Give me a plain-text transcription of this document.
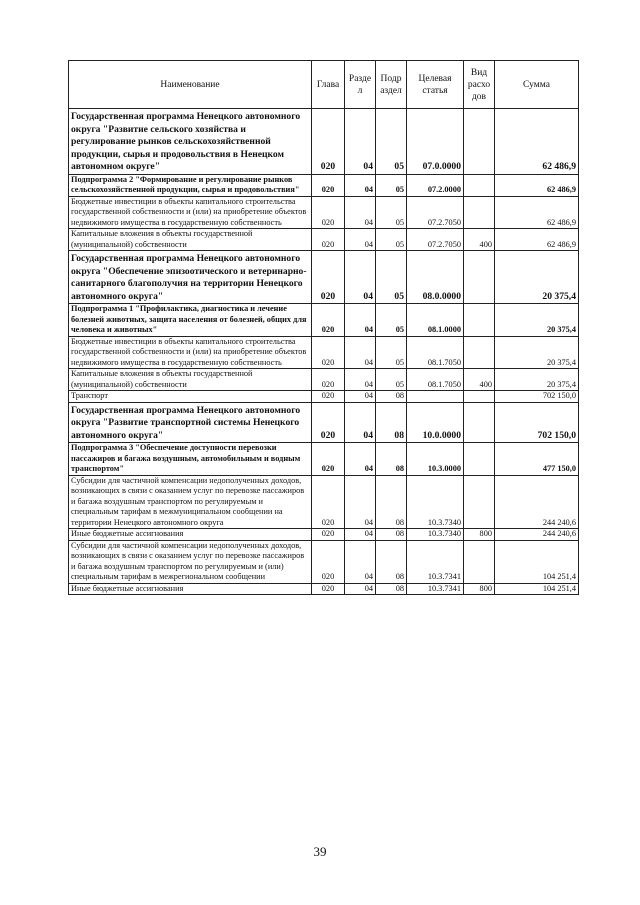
Наименование	Глава	Разде л	Подр аздел	Целевая статья	Вид расхо дов	Сумма
Государственная программа Ненецкого автономного округа "Развитие сельского хозяйства и регулирование рынков сельскохозяйственной продукции, сырья и продовольствия в Ненецком автономном округе"	020	04	05	07.0.0000		62 486,9
Подпрограмма 2 "Формирование и регулирование рынков сельскохозяйственной продукции, сырья и продовольствия"	020	04	05	07.2.0000		62 486,9
Бюджетные инвестиции в объекты капитального строительства государственной собственности и (или) на приобретение объектов недвижимого имущества в государственную собственность	020	04	05	07.2.7050		62 486,9
Капитальные вложения в объекты государственной (муниципальной) собственности	020	04	05	07.2.7050	400	62 486,9
Государственная программа Ненецкого автономного округа "Обеспечение эпизоотического и ветеринарно-санитарного благополучия на территории Ненецкого автономного округа"	020	04	05	08.0.0000		20 375,4
Подпрограмма 1 "Профилактика, диагностика и лечение болезней животных, защита населения от болезней, общих для человека и животных"	020	04	05	08.1.0000		20 375,4
Бюджетные инвестиции в объекты капитального строительства государственной собственности и (или) на приобретение объектов недвижимого имущества в государственную собственность	020	04	05	08.1.7050		20 375,4
Капитальные вложения в объекты государственной (муниципальной) собственности	020	04	05	08.1.7050	400	20 375,4
Транспорт	020	04	08			702 150,0
Государственная программа Ненецкого автономного округа "Развитие транспортной системы Ненецкого автономного округа"	020	04	08	10.0.0000		702 150,0
Подпрограмма 3 "Обеспечение доступности перевозки пассажиров и багажа воздушным, автомобильным и водным транспортом"	020	04	08	10.3.0000		477 150,0
Субсидии для частичной компенсации недополученных доходов, возникающих в связи с оказанием услуг по перевозке пассажиров и багажа воздушным транспортом по регулируемым и специальным тарифам в межмуниципальном сообщении на территории Ненецкого автономного округа	020	04	08	10.3.7340		244 240,6
Иные бюджетные ассигнования	020	04	08	10.3.7340	800	244 240,6
Субсидии для частичной компенсации недополученных доходов, возникающих в связи с оказанием услуг по перевозке пассажиров и багажа воздушным транспортом по регулируемым и (или) специальным тарифам в межрегиональном сообщении	020	04	08	10.3.7341		104 251,4
Иные бюджетные ассигнования	020	04	08	10.3.7341	800	104 251,4
39
